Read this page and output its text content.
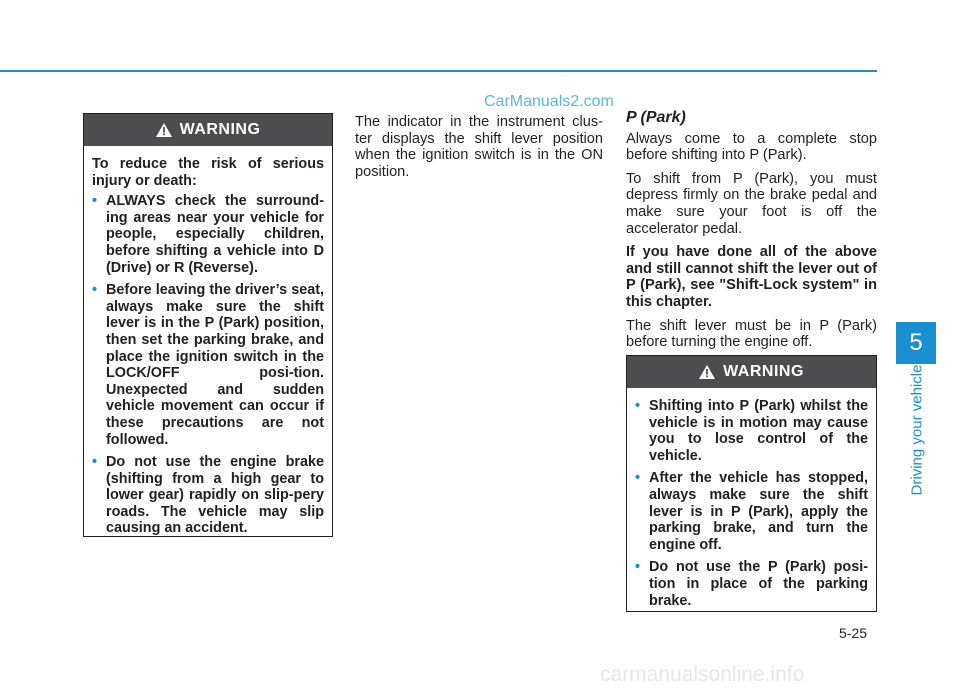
CarManuals2.com
WARNING

To reduce the risk of serious injury or death:

• ALWAYS check the surround-ing areas near your vehicle for people, especially children, before shifting a vehicle into D (Drive) or R (Reverse).
• Before leaving the driver’s seat, always make sure the shift lever is in the P (Park) position, then set the parking brake, and place the ignition switch in the LOCK/OFF posi-tion. Unexpected and sudden vehicle movement can occur if these precautions are not followed.
• Do not use the engine brake (shifting from a high gear to lower gear) rapidly on slip-pery roads. The vehicle may slip causing an accident.

The indicator in the instrument clus-ter displays the shift lever position when the ignition switch is in the ON position.

P (Park)

Always come to a complete stop before shifting into P (Park).

To shift from P (Park), you must depress firmly on the brake pedal and make sure your foot is off the accelerator pedal.

If you have done all of the above and still cannot shift the lever out of P (Park), see "Shift-Lock system" in this chapter.

The shift lever must be in P (Park) before turning the engine off.

WARNING
• Shifting into P (Park) whilst the vehicle is in motion may cause you to lose control of the vehicle.
• After the vehicle has stopped, always make sure the shift lever is in P (Park), apply the parking brake, and turn the engine off.
• Do not use the P (Park) posi-tion in place of the parking brake.
5
Driving your vehicle
5-25
carmanualsonline.info
